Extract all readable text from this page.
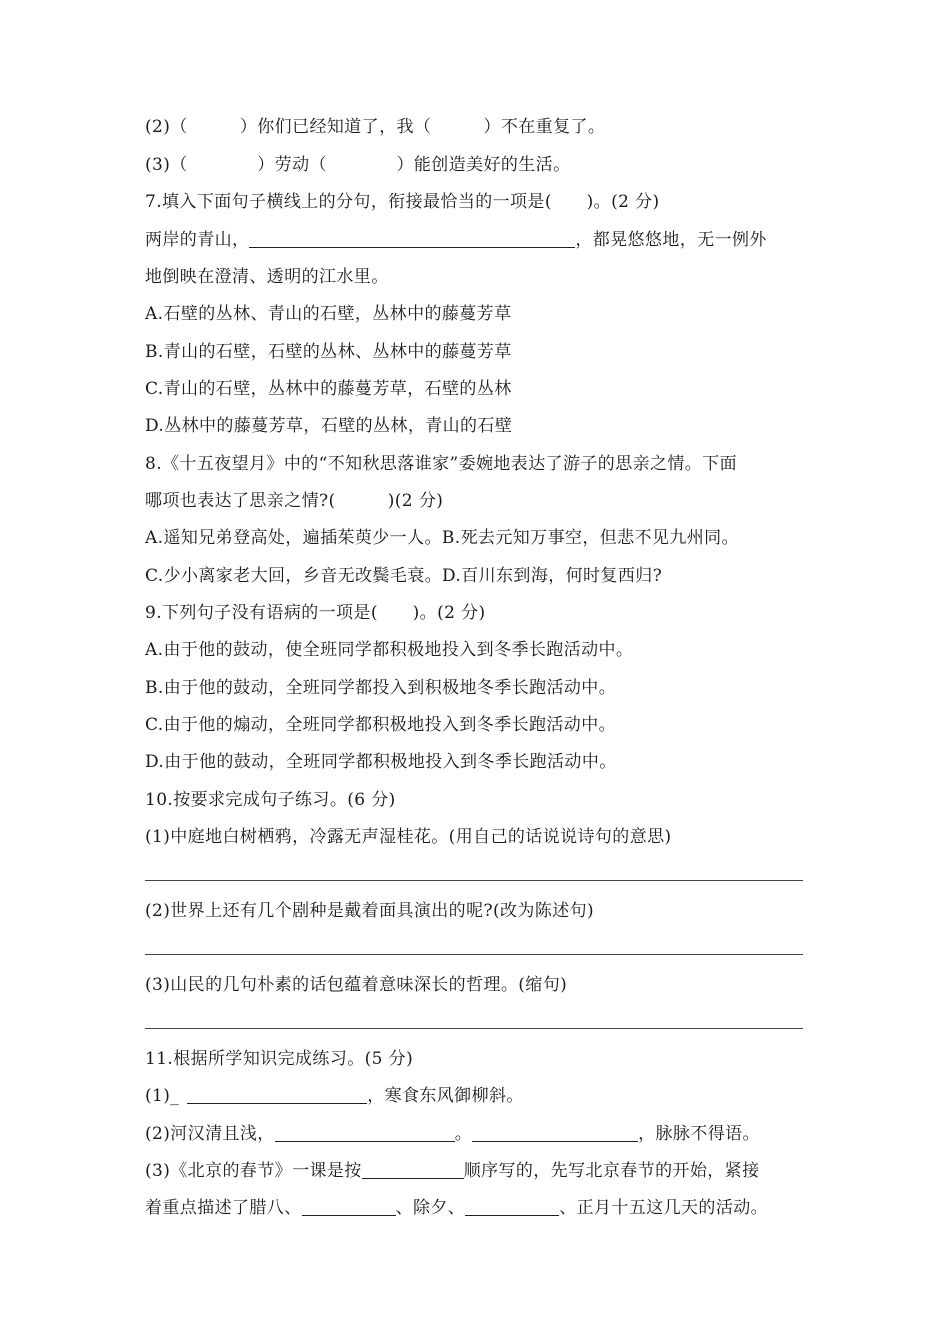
(2)（　　　）你们已经知道了，我（　　　）不在重复了。
(3)（　　　　）劳动（　　　　）能创造美好的生活。
7.填入下面句子横线上的分句，衔接最恰当的一项是(　　)。(2 分)
两岸的青山，	，都晃悠悠地，无一例外
地倒映在澄清、透明的江水里。
A.石壁的丛林、青山的石壁，丛林中的藤蔓芳草
B.青山的石壁，石壁的丛林、丛林中的藤蔓芳草
C.青山的石壁，丛林中的藤蔓芳草，石壁的丛林
D.丛林中的藤蔓芳草，石壁的丛林，青山的石壁
8.《十五夜望月》中的“不知秋思落谁家”委婉地表达了游子的思亲之情。下面
哪项也表达了思亲之情?(　　　)(2 分)
A.遥知兄弟登高处，遍插茱萸少一人。B.死去元知万事空，但悲不见九州同。
C.少小离家老大回，乡音无改鬓毛衰。D.百川东到海，何时复西归?
9.下列句子没有语病的一项是(　　)。(2 分)
A.由于他的鼓动，使全班同学都积极地投入到冬季长跑活动中。
B.由于他的鼓动，全班同学都投入到积极地冬季长跑活动中。
C.由于他的煽动，全班同学都积极地投入到冬季长跑活动中。
D.由于他的鼓动，全班同学都积极地投入到冬季长跑活动中。
10.按要求完成句子练习。(6 分)
(1)中庭地白树栖鸦，冷露无声湿桂花。(用自己的话说说诗句的意思)
(2)世界上还有几个剧种是戴着面具演出的呢?(改为陈述句)
(3)山民的几句朴素的话包蕴着意味深长的哲理。(缩句)
11.根据所学知识完成练习。(5 分)
(1)_	，寒食东风御柳斜。
(2)河汉清且浅，	。	，脉脉不得语。
(3)《北京的春节》一课是按	顺序写的，先写北京春节的开始，紧接
着重点描述了腊八、	、除夕、	、正月十五这几天的活动。
